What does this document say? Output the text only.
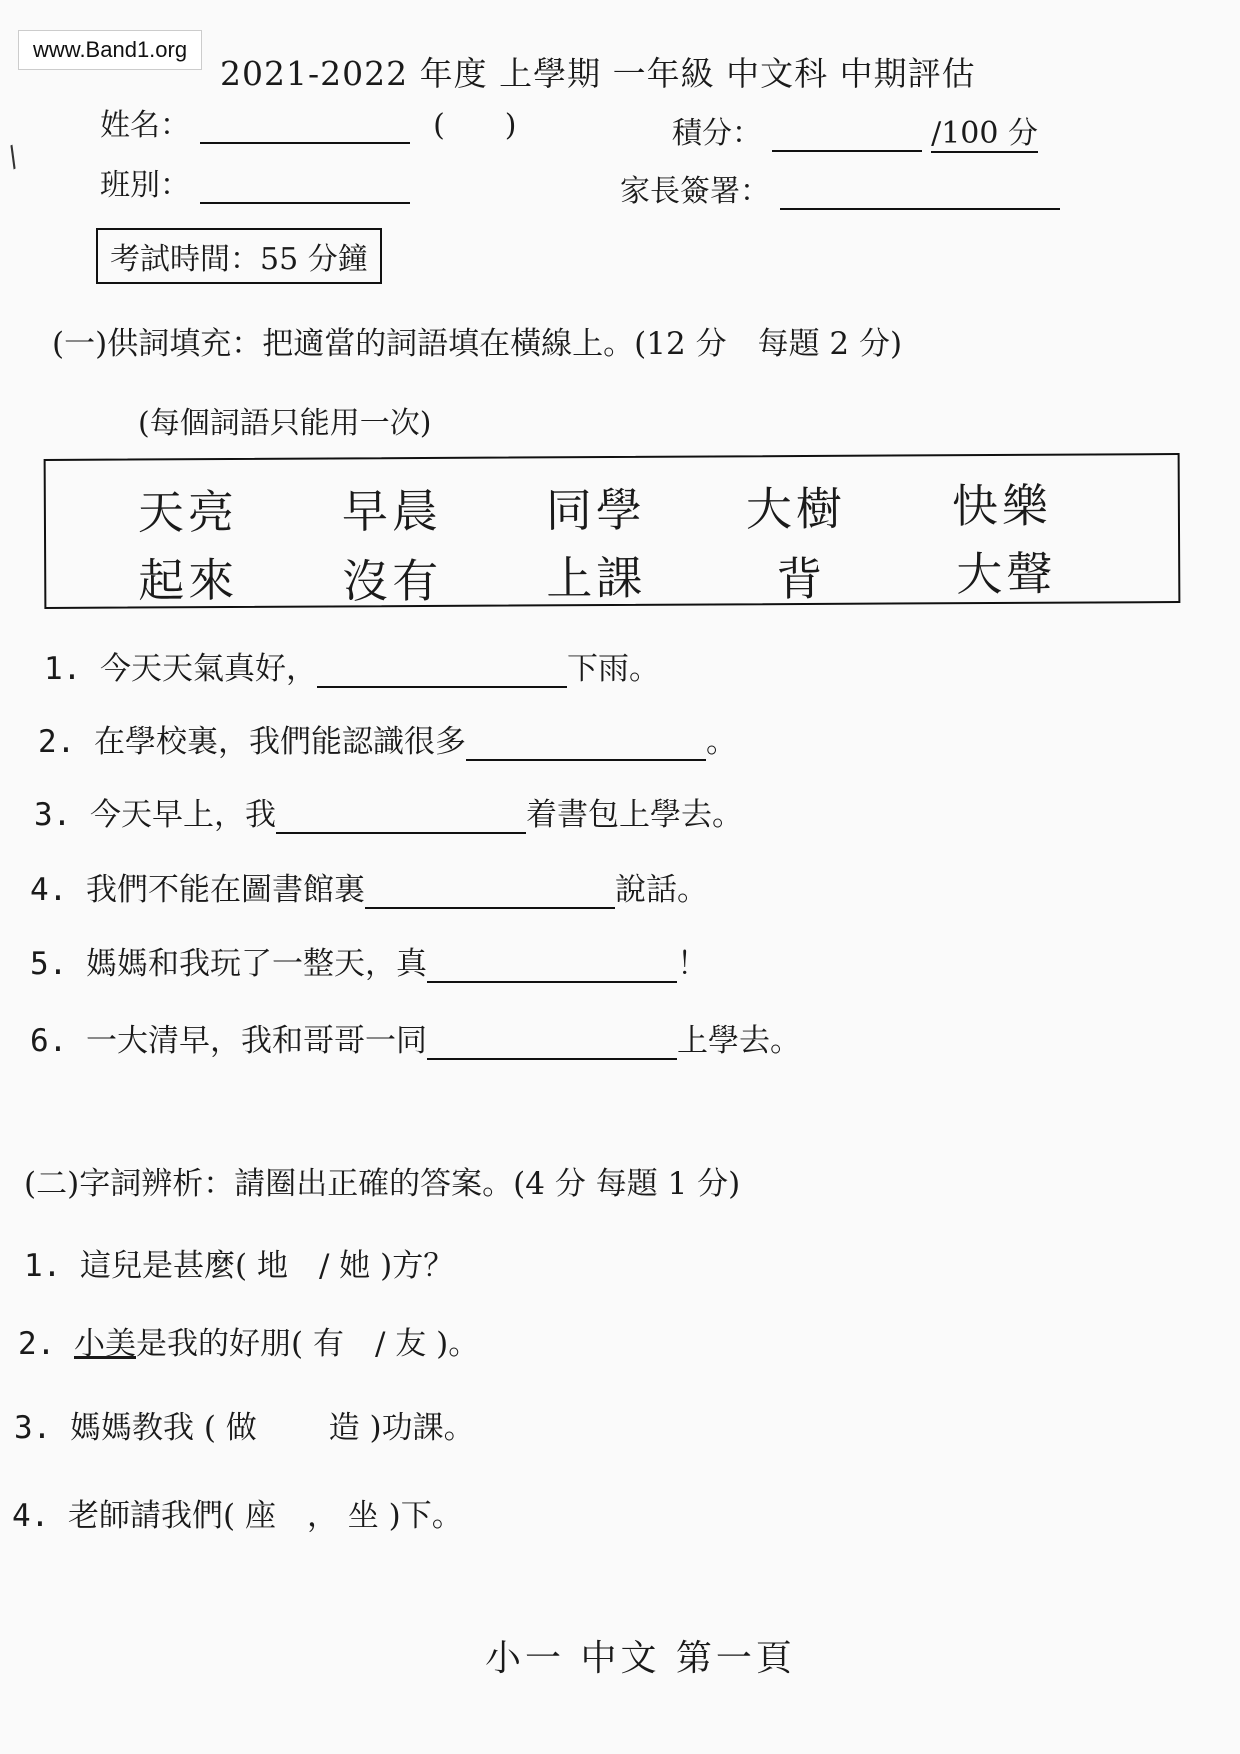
www.Band1.org
/
2021-2022 年度 上學期 一年級 中文科 中期評估
姓名：	(　　)	積分：	/100 分
班別：	家長簽署：
考試時間：55 分鐘
(一)供詞填充：把適當的詞語填在橫線上。(12 分　每題 2 分)
(每個詞語只能用一次)
天亮 早晨 同學 大樹 快樂
起來 沒有 上課	背	大聲
1. 今天天氣真好，	下雨。
2. 在學校裏，我們能認識很多	。
3. 今天早上，我	着書包上學去。
4. 我們不能在圖書館裏	說話。
5. 媽媽和我玩了一整天，真	！
6. 一大清早，我和哥哥一同	上學去。
(二)字詞辨析：請圈出正確的答案。(4 分 每題 1 分)
1. 這兒是甚麼( 地　/ 她 )方？
2. 小美是我的好朋( 有　/ 友 )。
3. 媽媽教我 ( 做　　 造 )功課。
4. 老師請我們( 座　， 坐 )下。
小一 中文 第一頁
